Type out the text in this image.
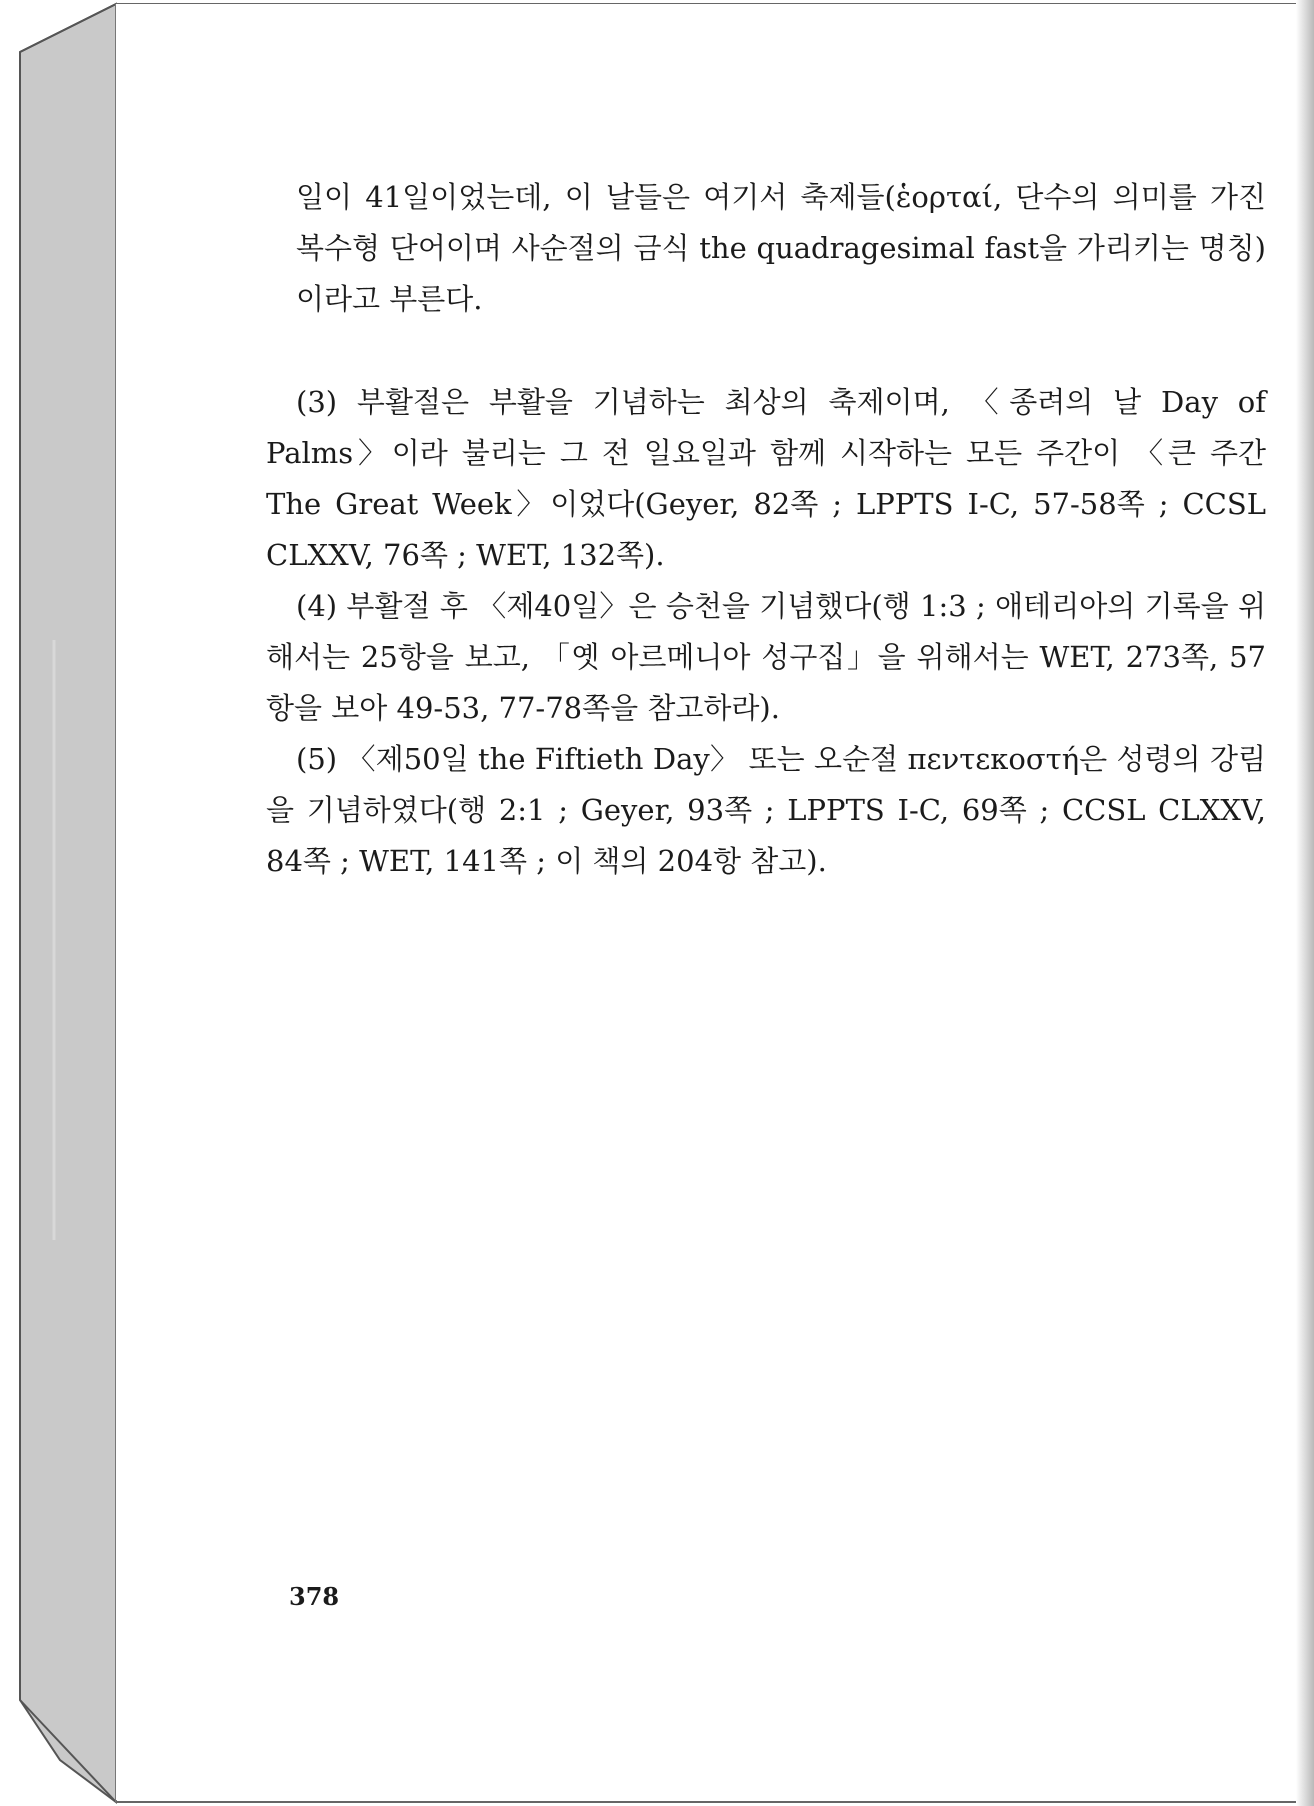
일이 41일이었는데, 이 날들은 여기서 축제들(ἑορταί, 단수의 의미를 가진 복수형 단어이며 사순절의 금식 the quadragesimal fast을 가리키는 명칭)이라고 부른다.

(3) 부활절은 부활을 기념하는 최상의 축제이며, 〈종려의 날 Day of Palms〉이라 불리는 그 전 일요일과 함께 시작하는 모든 주간이 〈큰 주간 The Great Week〉이었다(Geyer, 82쪽 ; LPPTS I-C, 57-58쪽 ; CCSL CLXXV, 76쪽 ; WET, 132쪽).

(4) 부활절 후 〈제40일〉은 승천을 기념했다(행 1:3 ; 애테리아의 기록을 위해서는 25항을 보고, 「옛 아르메니아 성구집」을 위해서는 WET, 273쪽, 57항을 보아 49-53, 77-78쪽을 참고하라).

(5) 〈제50일 the Fiftieth Day〉 또는 오순절 πεντεκοστή은 성령의 강림을 기념하였다(행 2:1 ; Geyer, 93쪽 ; LPPTS I-C, 69쪽 ; CCSL CLXXV, 84쪽 ; WET, 141쪽 ; 이 책의 204항 참고).

378
